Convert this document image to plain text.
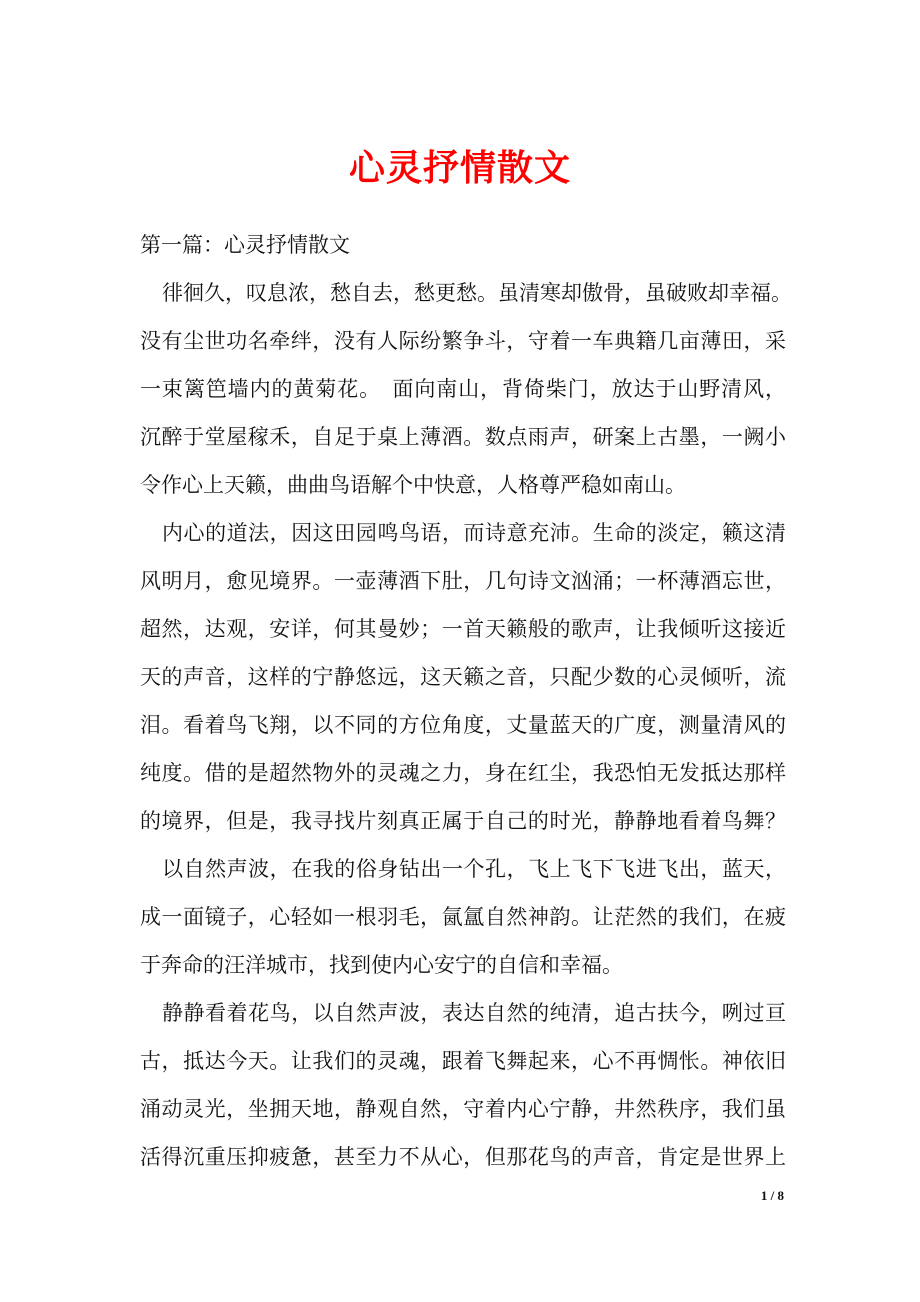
心灵抒情散文
第一篇：心灵抒情散文
徘徊久，叹息浓，愁自去，愁更愁。虽清寒却傲骨，虽破败却幸福。
没有尘世功名牵绊，没有人际纷繁争斗，守着一车典籍几亩薄田，采
一束篱笆墙内的黄菊花。　面向南山，背倚柴门，放达于山野清风，
沉醉于堂屋稼禾，自足于桌上薄酒。数点雨声，研案上古墨，一阙小
令作心上天籁，曲曲鸟语解个中快意，人格尊严稳如南山。
内心的道法，因这田园鸣鸟语，而诗意充沛。生命的淡定，籁这清
风明月，愈见境界。一壶薄酒下肚，几句诗文汹涌；一杯薄酒忘世，
超然，达观，安详，何其曼妙；一首天籁般的歌声，让我倾听这接近
天的声音，这样的宁静悠远，这天籁之音，只配少数的心灵倾听，流
泪。看着鸟飞翔，以不同的方位角度，丈量蓝天的广度，测量清风的
纯度。借的是超然物外的灵魂之力，身在红尘，我恐怕无发抵达那样
的境界，但是，我寻找片刻真正属于自己的时光，静静地看着鸟舞？
以自然声波，在我的俗身钻出一个孔，飞上飞下飞进飞出，蓝天，
成一面镜子，心轻如一根羽毛，氤氲自然神韵。让茫然的我们，在疲
于奔命的汪洋城市，找到使内心安宁的自信和幸福。
静静看着花鸟，以自然声波，表达自然的纯清，追古扶今，咧过亘
古，抵达今天。让我们的灵魂，跟着飞舞起来，心不再惆怅。神依旧
涌动灵光，坐拥天地，静观自然，守着内心宁静，井然秩序，我们虽
活得沉重压抑疲惫，甚至力不从心，但那花鸟的声音，肯定是世界上
1 / 8
